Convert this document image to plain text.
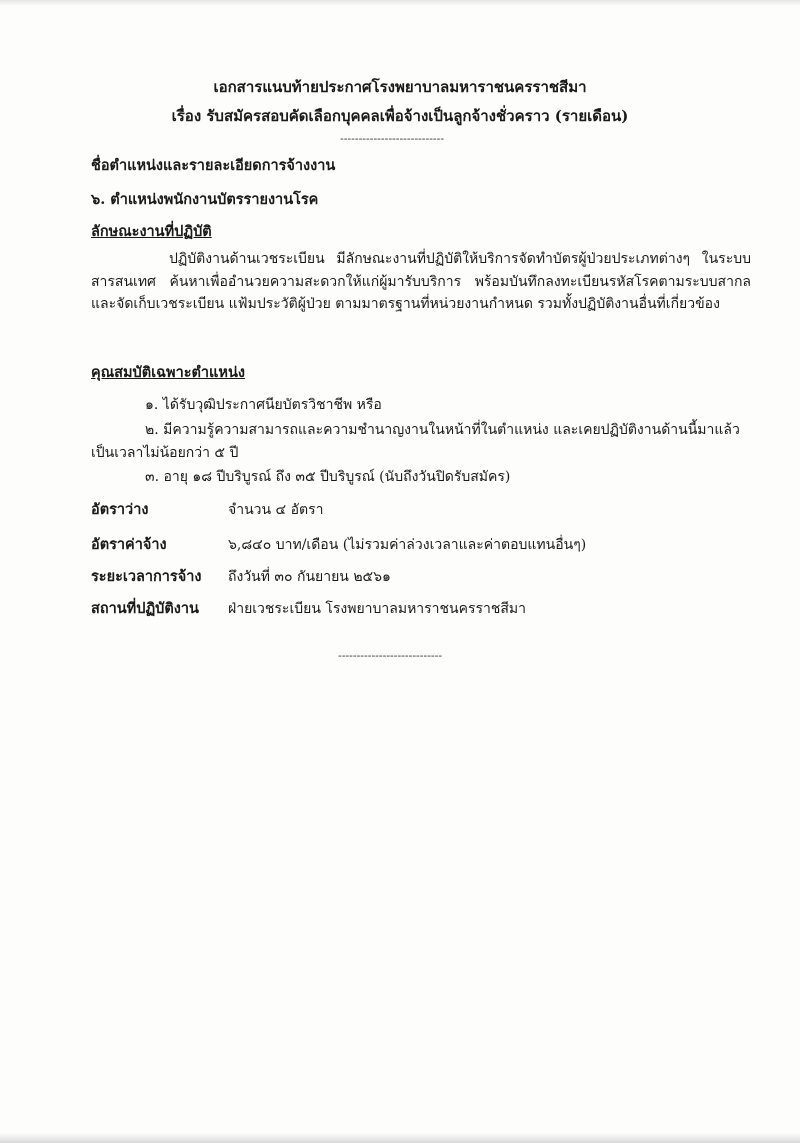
เอกสารแนบท้ายประกาศโรงพยาบาลมหาราชนครราชสีมา
เรื่อง รับสมัครสอบคัดเลือกบุคคลเพื่อจ้างเป็นลูกจ้างชั่วคราว (รายเดือน)
----------------------------
ชื่อตำแหน่งและรายละเอียดการจ้างงาน
๖. ตำแหน่งพนักงานบัตรรายงานโรค
ลักษณะงานที่ปฏิบัติ
ปฏิบัติงานด้านเวชระเบียน มีลักษณะงานที่ปฏิบัติให้บริการจัดทำบัตรผู้ป่วยประเภทต่างๆ ในระบบสารสนเทศ ค้นหาเพื่ออำนวยความสะดวกให้แก่ผู้มารับบริการ พร้อมบันทึกลงทะเบียนรหัสโรคตามระบบสากล และจัดเก็บเวชระเบียน แฟ้มประวัติผู้ป่วย ตามมาตรฐานที่หน่วยงานกำหนด รวมทั้งปฏิบัติงานอื่นที่เกี่ยวข้อง
คุณสมบัติเฉพาะตำแหน่ง
๑. ได้รับวุฒิประกาศนียบัตรวิชาชีพ หรือ
๒. มีความรู้ความสามารถและความชำนาญงานในหน้าที่ในตำแหน่ง และเคยปฏิบัติงานด้านนี้มาแล้วเป็นเวลาไม่น้อยกว่า ๕ ปี
๓. อายุ ๑๘ ปีบริบูรณ์ ถึง ๓๕ ปีบริบูรณ์ (นับถึงวันปิดรับสมัคร)
อัตราว่าง	จำนวน ๔ อัตรา
อัตราค่าจ้าง	๖,๘๔๐ บาท/เดือน (ไม่รวมค่าล่วงเวลาและค่าตอบแทนอื่นๆ)
ระยะเวลาการจ้าง ถึงวันที่ ๓๐ กันยายน ๒๕๖๑
สถานที่ปฏิบัติงาน ฝ่ายเวชระเบียน โรงพยาบาลมหาราชนครราชสีมา
----------------------------
